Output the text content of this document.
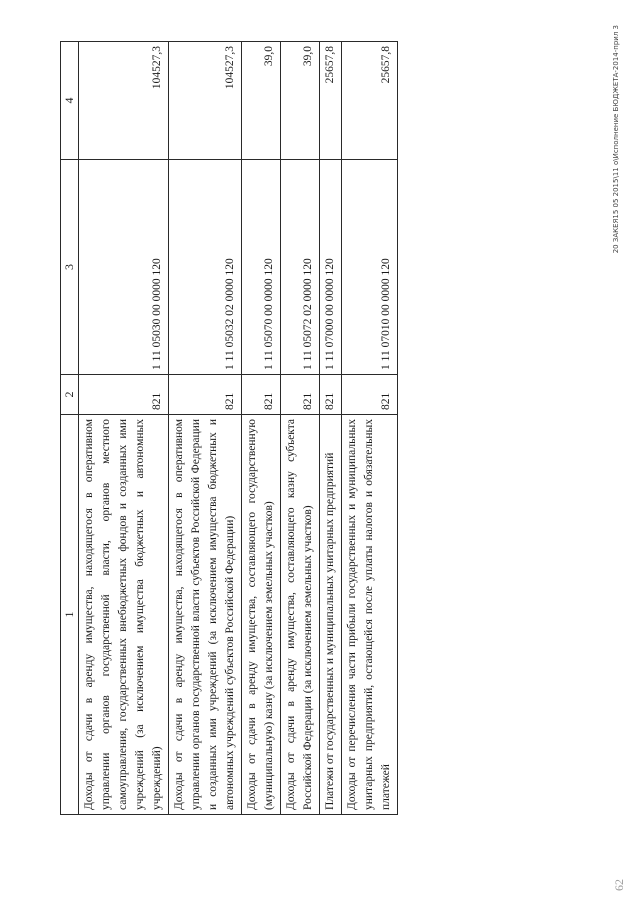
1	2	3	4
Доходы от сдачи в аренду имущества, находящегося в оперативном управлении органов государственной власти, органов местного самоуправления, государственных внебюджетных фондов и созданных ими учреждений (за исключением имущества бюджетных и автономных учреждений)	821	1 11 05030 00 0000 120	104527,3
Доходы от сдачи в аренду имущества, находящегося в оперативном управлении органов государственной власти субъектов Российской Федерации и созданных ими учреждений (за исключением имущества бюджетных и автономных учреждений субъектов Российской Федерации)	821	1 11 05032 02 0000 120	104527,3
Доходы от сдачи в аренду имущества, составляющего государственную (муниципальную) казну (за исключением земельных участков)	821	1 11 05070 00 0000 120	39,0
Доходы от сдачи в аренду имущества, составляющего казну субъекта Российской Федерации (за исключением земельных участков)	821	1 11 05072 02 0000 120	39,0
Платежи от государственных и муниципальных унитарных предприятий	821	1 11 07000 00 0000 120	25657,8
Доходы от перечисления части прибыли государственных и муниципальных унитарных предприятий, остающейся после уплаты налогов и обязательных платежей	821	1 11 07010 00 0000 120	25657,8
62
20 ЗАКЕЯ15 05 2015\11 о\Исполнение БЮДЖЕТА-2014-прил 3
